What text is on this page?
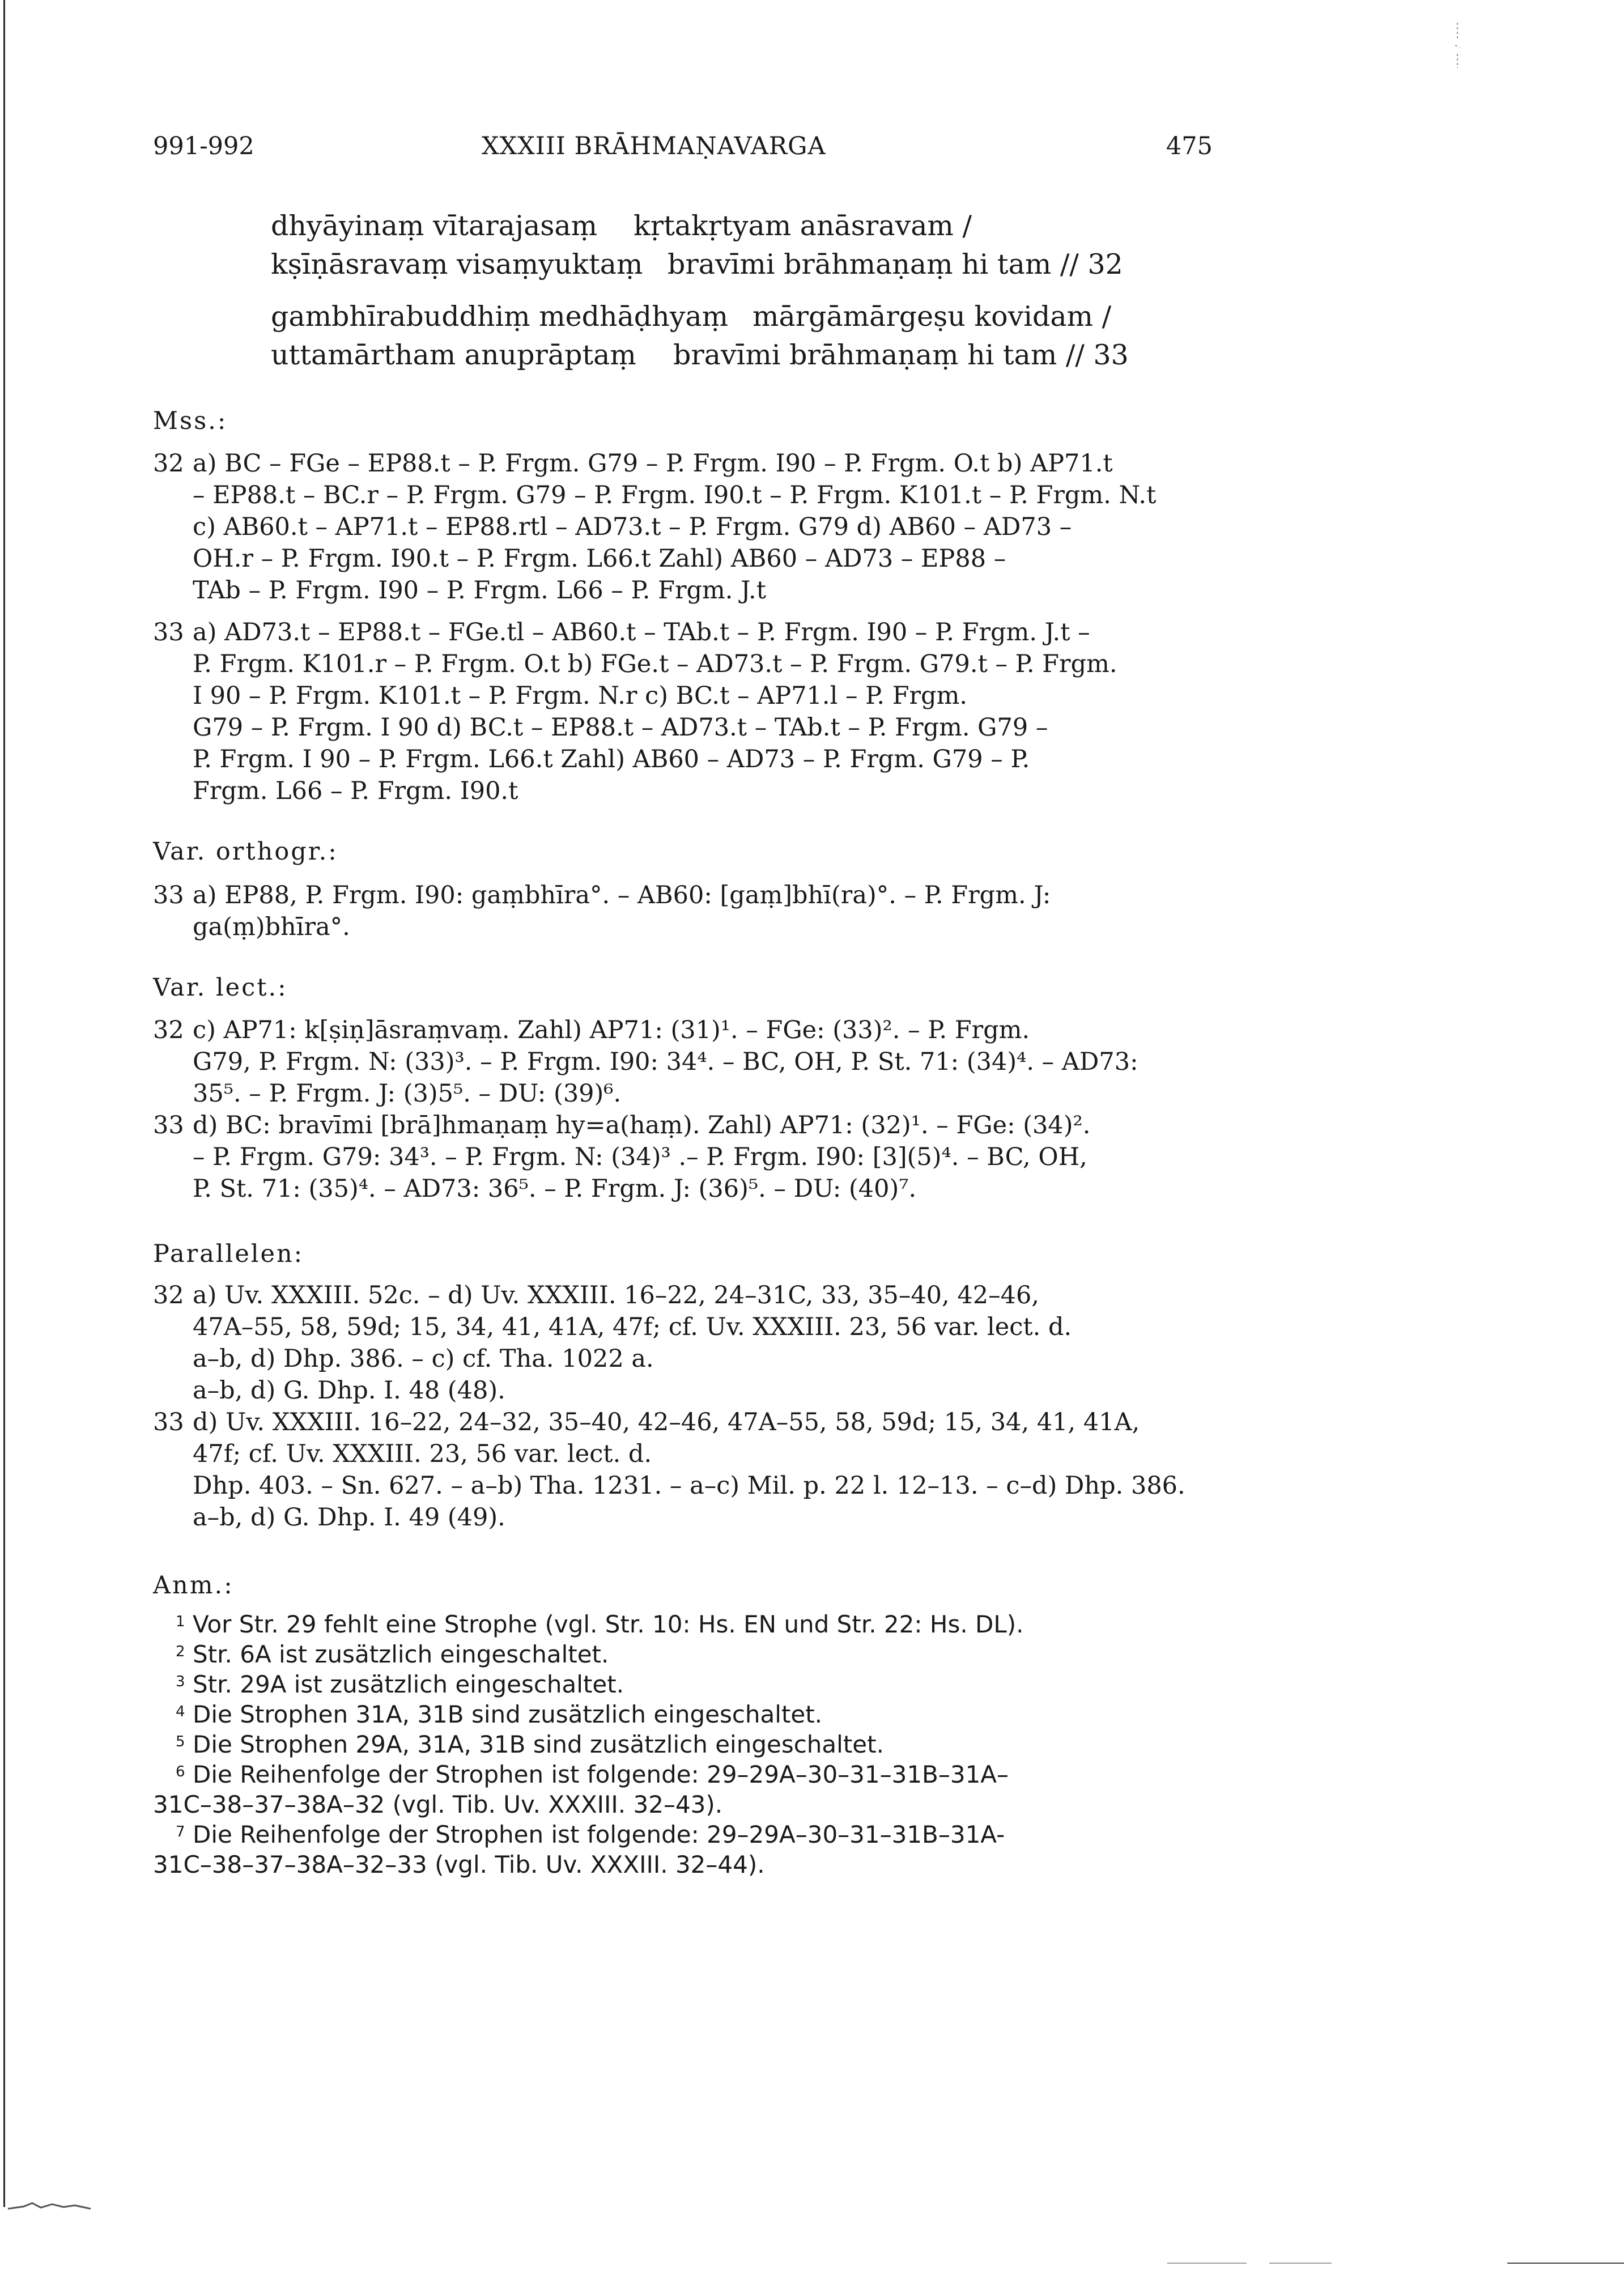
991-992	XXXIII BRĀHMAṆAVARGA	475
dhyāyinaṃ vītarajasaṃ kṛtakṛtyam anāsravam /
kṣīṇāsravaṃ visaṃyuktaṃ bravīmi brāhmaṇaṃ hi tam // 32
gambhīrabuddhiṃ medhāḍhyaṃ mārgāmārgeṣu kovidam /
uttamārtham anuprāptaṃ bravīmi brāhmaṇaṃ hi tam // 33
Mss.:
32 a) BC – FGe – EP88.t – P. Frgm. G79 – P. Frgm. I90 – P. Frgm. O.t b) AP71.t
– EP88.t – BC.r – P. Frgm. G79 – P. Frgm. I90.t – P. Frgm. K101.t – P. Frgm. N.t
c) AB60.t – AP71.t – EP88.rtl – AD73.t – P. Frgm. G79 d) AB60 – AD73 –
OH.r – P. Frgm. I90.t – P. Frgm. L66.t Zahl) AB60 – AD73 – EP88 –
TAb – P. Frgm. I90 – P. Frgm. L66 – P. Frgm. J.t
33 a) AD73.t – EP88.t – FGe.tl – AB60.t – TAb.t – P. Frgm. I90 – P. Frgm. J.t –
P. Frgm. K101.r – P. Frgm. O.t b) FGe.t – AD73.t – P. Frgm. G79.t – P. Frgm.
I 90 – P. Frgm. K101.t – P. Frgm. N.r c) BC.t – AP71.l – P. Frgm.
G79 – P. Frgm. I 90 d) BC.t – EP88.t – AD73.t – TAb.t – P. Frgm. G79 –
P. Frgm. I 90 – P. Frgm. L66.t Zahl) AB60 – AD73 – P. Frgm. G79 – P.
Frgm. L66 – P. Frgm. I90.t
Var. orthogr.:
33 a) EP88, P. Frgm. I90: gaṃbhīra°. – AB60: [gaṃ]bhī(ra)°. – P. Frgm. J:
ga(ṃ)bhīra°.
Var. lect.:
32 c) AP71: k[ṣiṇ]āsraṃvaṃ. Zahl) AP71: (31)¹. – FGe: (33)². – P. Frgm.
G79, P. Frgm. N: (33)³. – P. Frgm. I90: 34⁴. – BC, OH, P. St. 71: (34)⁴. – AD73:
35⁵. – P. Frgm. J: (3)5⁵. – DU: (39)⁶.
33 d) BC: bravīmi [brā]hmaṇaṃ hy=a(haṃ). Zahl) AP71: (32)¹. – FGe: (34)².
– P. Frgm. G79: 34³. – P. Frgm. N: (34)³ .– P. Frgm. I90: [3](5)⁴. – BC, OH,
P. St. 71: (35)⁴. – AD73: 36⁵. – P. Frgm. J: (36)⁵. – DU: (40)⁷.
Parallelen:
32 a) Uv. XXXIII. 52c. – d) Uv. XXXIII. 16–22, 24–31C, 33, 35–40, 42–46,
47A–55, 58, 59d; 15, 34, 41, 41A, 47f; cf. Uv. XXXIII. 23, 56 var. lect. d.
a–b, d) Dhp. 386. – c) cf. Tha. 1022 a.
a–b, d) G. Dhp. I. 48 (48).
33 d) Uv. XXXIII. 16–22, 24–32, 35–40, 42–46, 47A–55, 58, 59d; 15, 34, 41, 41A,
47f; cf. Uv. XXXIII. 23, 56 var. lect. d.
Dhp. 403. – Sn. 627. – a–b) Tha. 1231. – a–c) Mil. p. 22 l. 12–13. – c–d) Dhp. 386.
a–b, d) G. Dhp. I. 49 (49).
Anm.:
1 Vor Str. 29 fehlt eine Strophe (vgl. Str. 10: Hs. EN und Str. 22: Hs. DL).
2 Str. 6A ist zusätzlich eingeschaltet.
3 Str. 29A ist zusätzlich eingeschaltet.
4 Die Strophen 31A, 31B sind zusätzlich eingeschaltet.
5 Die Strophen 29A, 31A, 31B sind zusätzlich eingeschaltet.
6 Die Reihenfolge der Strophen ist folgende: 29–29A–30–31–31B–31A–
31C–38–37–38A–32 (vgl. Tib. Uv. XXXIII. 32–43).
7 Die Reihenfolge der Strophen ist folgende: 29–29A–30–31–31B–31A-
31C–38–37–38A–32–33 (vgl. Tib. Uv. XXXIII. 32–44).
